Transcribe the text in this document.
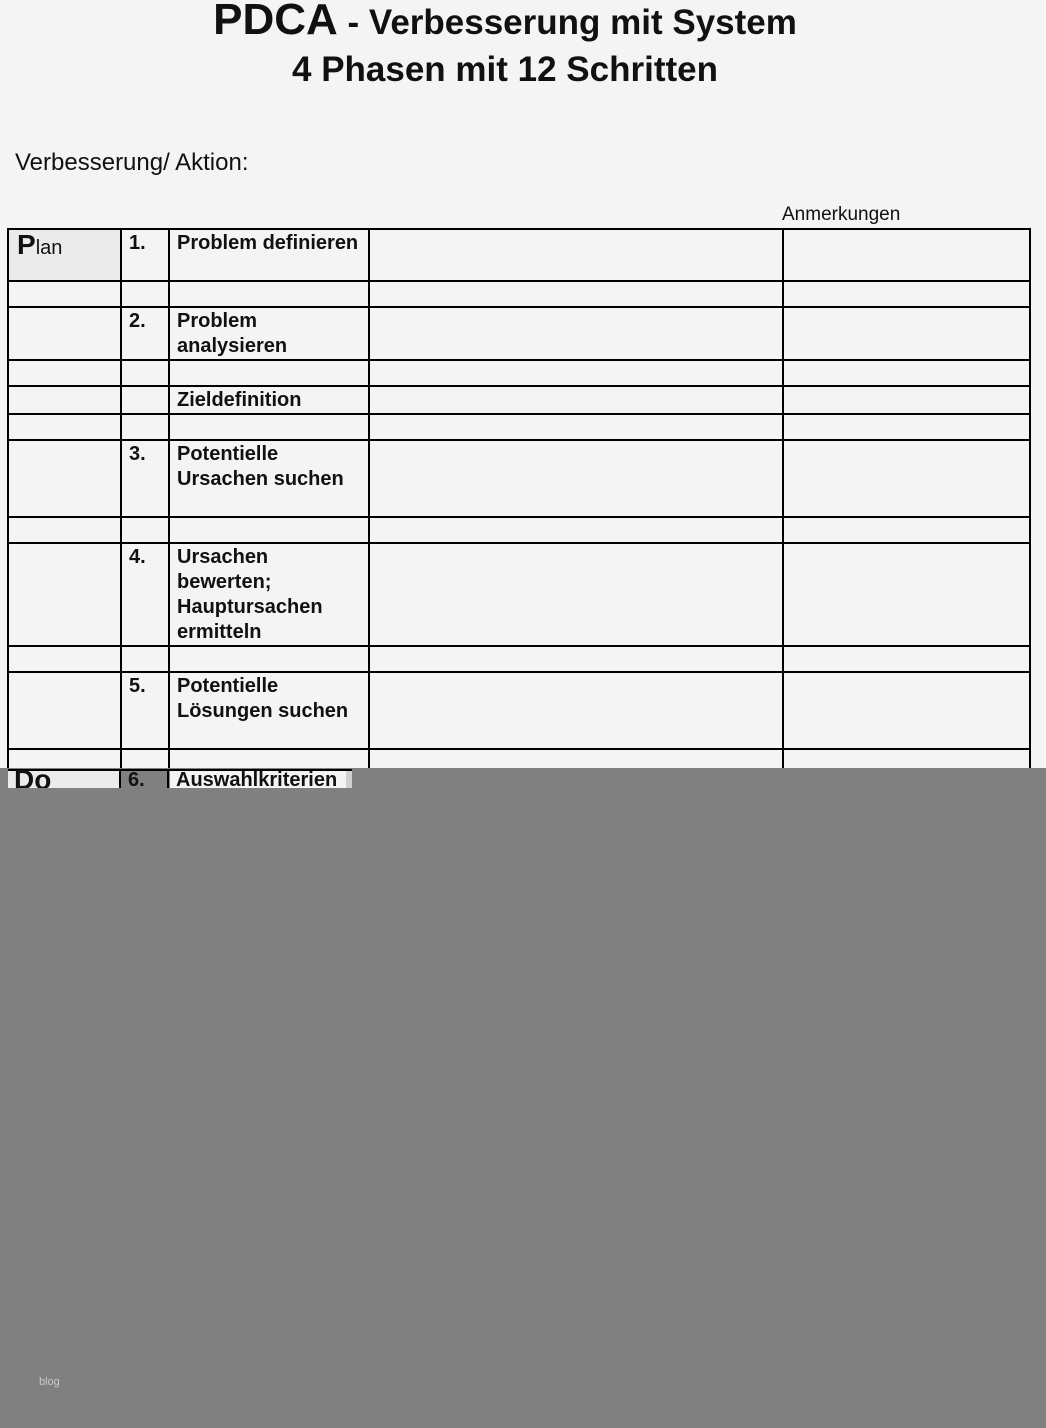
PDCA - Verbesserung mit System
4 Phasen mit 12 Schritten
Verbesserung/ Aktion:
Anmerkungen
Plan	1.	Problem definieren		

	2.	Problem analysieren		

		Zieldefinition		

	3.	Potentielle Ursachen suchen		

	4.	Ursachen bewerten; Hauptursachen ermitteln		

	5.	Potentielle Lösungen suchen		

Do	6. Auswahlkriterien
blog
